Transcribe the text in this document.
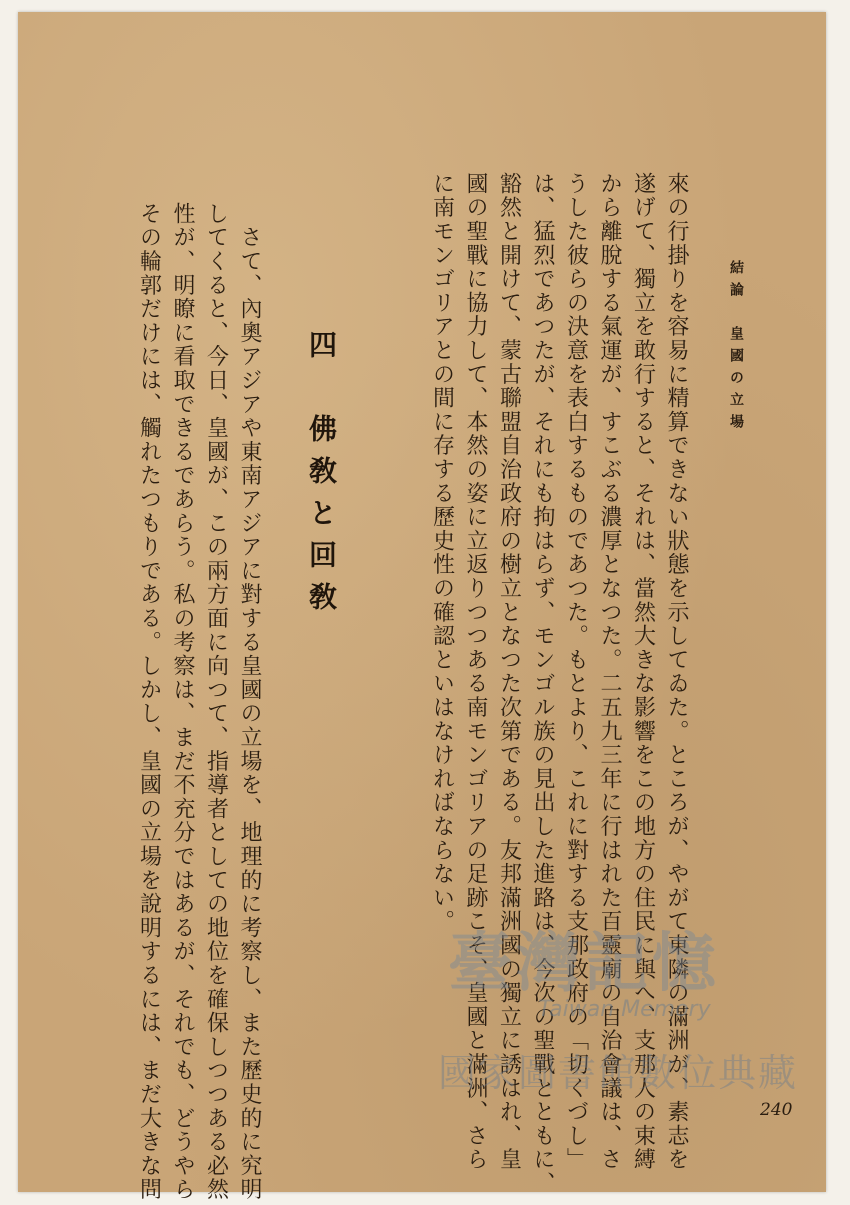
結論　皇國の立場

來の行掛りを容易に精算できない狀態を示してゐた。ところが、やがて東隣の滿洲が、素志を
遂げて、獨立を敢行すると、それは、當然大きな影響をこの地方の住民に與へ、支那人の束縛
から離脫する氣運が、すこぶる濃厚となつた。二五九三年に行はれた百靈廟の自治會議は、さ
うした彼らの決意を表白するものであつた。もとより、これに對する支那政府の「切くづし」
は、猛烈であつたが、それにも拘はらず、モンゴル族の見出した進路は、今次の聖戰とともに、
豁然と開けて、蒙古聯盟自治政府の樹立となつた次第である。友邦滿洲國の獨立に誘はれ、皇
國の聖戰に協力して、本然の姿に立返りつつある南モンゴリアの足跡こそ、皇國と滿洲、さら
に南モンゴリアとの間に存する歷史性の確認といはなければならない。

四　佛敎と回敎

　さて、內奧アジアや東南アジアに對する皇國の立場を、地理的に考察し、また歷史的に究明
してくると、今日、皇國が、この兩方面に向つて、指導者としての地位を確保しつつある必然
性が、明瞭に看取できるであらう。私の考察は、まだ不充分ではあるが、それでも、どうやら
その輪郭だけには、觸れたつもりである。しかし、皇國の立場を說明するには、まだ大きな問	240
臺灣記憶
Taiwan Memory
國家圖書館數位典藏
